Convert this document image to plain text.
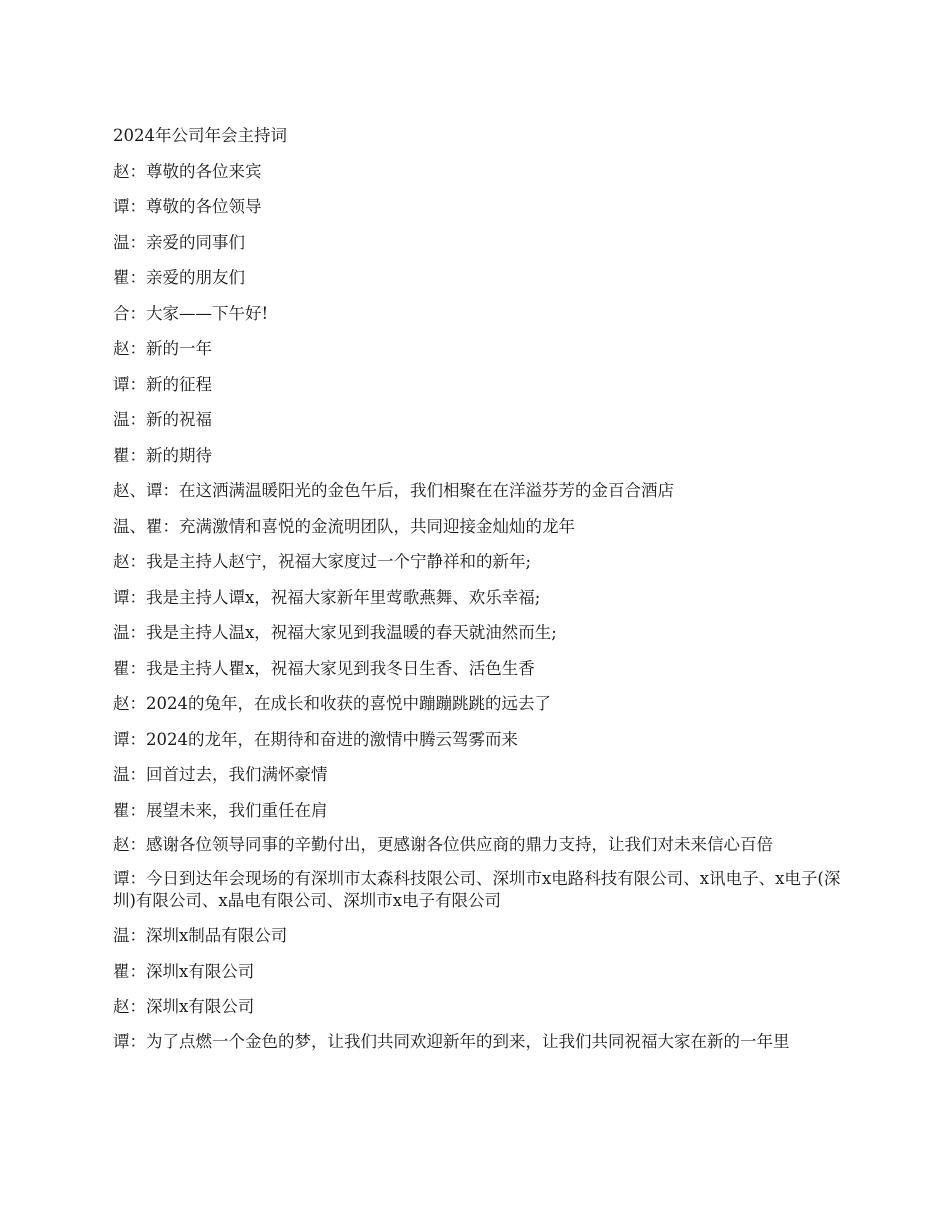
2024年公司年会主持词
赵：尊敬的各位来宾
谭：尊敬的各位领导
温：亲爱的同事们
瞿：亲爱的朋友们
合：大家——下午好!
赵：新的一年
谭：新的征程
温：新的祝福
瞿：新的期待
赵、谭：在这洒满温暖阳光的金色午后，我们相聚在在洋溢芬芳的金百合酒店
温、瞿：充满激情和喜悦的金流明团队，共同迎接金灿灿的龙年
赵：我是主持人赵宁，祝福大家度过一个宁静祥和的新年;
谭：我是主持人谭x，祝福大家新年里莺歌燕舞、欢乐幸福;
温：我是主持人温x，祝福大家见到我温暖的春天就油然而生;
瞿：我是主持人瞿x，祝福大家见到我冬日生香、活色生香
赵：2024的兔年，在成长和收获的喜悦中蹦蹦跳跳的远去了
谭：2024的龙年，在期待和奋进的激情中腾云驾雾而来
温：回首过去，我们满怀豪情
瞿：展望未来，我们重任在肩
赵：感谢各位领导同事的辛勤付出，更感谢各位供应商的鼎力支持，让我们对未来信心百倍
谭：今日到达年会现场的有深圳市太森科技限公司、深圳市x电路科技有限公司、x讯电子、x电子(深圳)有限公司、x晶电有限公司、深圳市x电子有限公司
温：深圳x制品有限公司
瞿：深圳x有限公司
赵：深圳x有限公司
谭：为了点燃一个金色的梦，让我们共同欢迎新年的到来，让我们共同祝福大家在新的一年里
